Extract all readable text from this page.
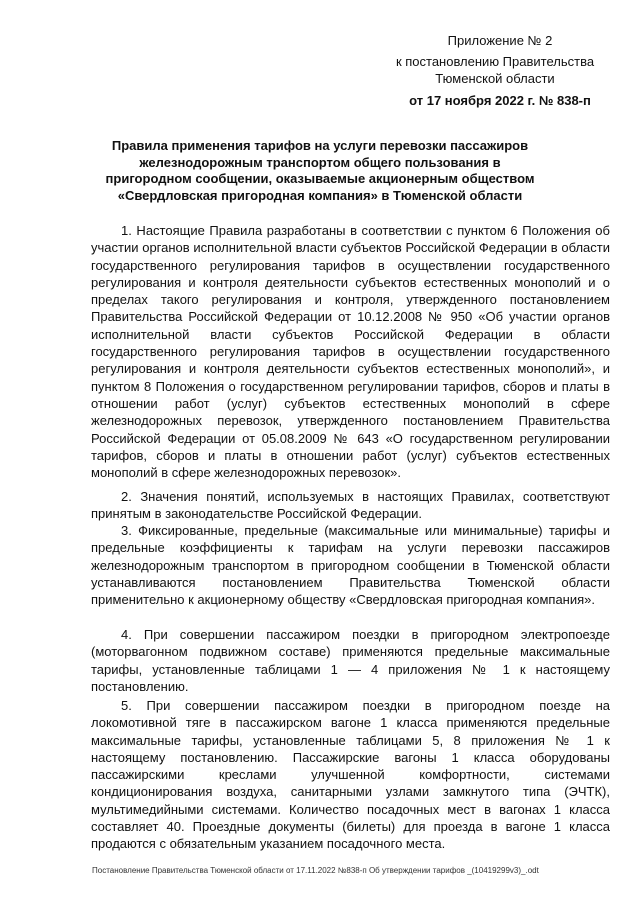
Приложение № 2
к постановлению Правительства
Тюменской области
от 17 ноября 2022 г. № 838-п
Правила применения тарифов на услуги перевозки пассажиров железнодорожным транспортом общего пользования в пригородном сообщении, оказываемые акционерным обществом «Свердловская пригородная компания» в Тюменской области

1. Настоящие Правила разработаны в соответствии с пунктом 6 Положения об участии органов исполнительной власти субъектов Российской Федерации в области государственного регулирования тарифов в осуществлении государственного регулирования и контроля деятельности субъектов естественных монополий и о пределах такого регулирования и контроля, утвержденного постановлением Правительства Российской Федерации от 10.12.2008 № 950 «Об участии органов исполнительной власти субъектов Российской Федерации в области государственного регулирования тарифов в осуществлении государственного регулирования и контроля деятельности субъектов естественных монополий», и пунктом 8 Положения о государственном регулировании тарифов, сборов и платы в отношении работ (услуг) субъектов естественных монополий в сфере железнодорожных перевозок, утвержденного постановлением Правительства Российской Федерации от 05.08.2009 № 643 «О государственном регулировании тарифов, сборов и платы в отношении работ (услуг) субъектов естественных монополий в сфере железнодорожных перевозок».

2. Значения понятий, используемых в настоящих Правилах, соответствуют принятым в законодательстве Российской Федерации.

3. Фиксированные, предельные (максимальные или минимальные) тарифы и предельные коэффициенты к тарифам на услуги перевозки пассажиров железнодорожным транспортом в пригородном сообщении в Тюменской области устанавливаются постановлением Правительства Тюменской области применительно к акционерному обществу «Свердловская пригородная компания».

4. При совершении пассажиром поездки в пригородном электропоезде (моторвагонном подвижном составе) применяются предельные максимальные тарифы, установленные таблицами 1 — 4 приложения № 1 к настоящему постановлению.

5. При совершении пассажиром поездки в пригородном поезде на локомотивной тяге в пассажирском вагоне 1 класса применяются предельные максимальные тарифы, установленные таблицами 5, 8 приложения № 1 к настоящему постановлению. Пассажирские вагоны 1 класса оборудованы пассажирскими креслами улучшенной комфортности, системами кондиционирования воздуха, санитарными узлами замкнутого типа (ЭЧТК), мультимедийными системами. Количество посадочных мест в вагонах 1 класса составляет 40. Проездные документы (билеты) для проезда в вагоне 1 класса продаются с обязательным указанием посадочного места.

Постановление Правительства Тюменской области от 17.11.2022 №838-п Об утверждении тарифов _(10419299v3)_.odt
